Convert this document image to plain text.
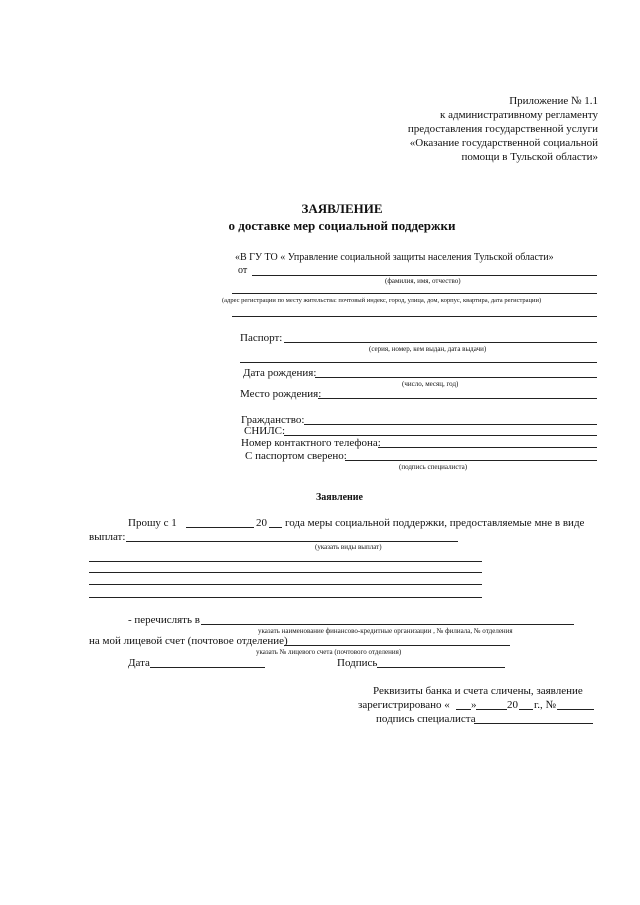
Приложение № 1.1
к административному регламенту
предоставления государственной услуги
«Оказание государственной социальной
помощи в Тульской области»
ЗАЯВЛЕНИЕ
о доставке мер социальной поддержки
«В ГУ ТО « Управление социальной защиты населения Тульской области»
от
(фамилия, имя, отчество)
(адрес регистрации по месту жительства: почтовый индекс, город, улица, дом, корпус, квартира, дата регистрации)
Паспорт:
(серия, номер, кем выдан, дата выдачи)
Дата рождения:
(число, месяц, год)
Место рождения:
Гражданство:
СНИЛС:
Номер контактного телефона:
С паспортом сверено:
(подпись специалиста)
Заявление
Прошу с 1	20 года меры социальной поддержки, предоставляемые мне в виде
выплат:
(указать виды выплат)
- перечислять в
указать наименование финансово-кредитные организации , № филиала, № отделения
на мой лицевой счет (почтовое отделение)
указать № лицевого счета (почтового отделения)
Дата	Подпись
Реквизиты банка и счета сличены, заявление
зарегистрировано « »	20 г., №
подпись специалиста
